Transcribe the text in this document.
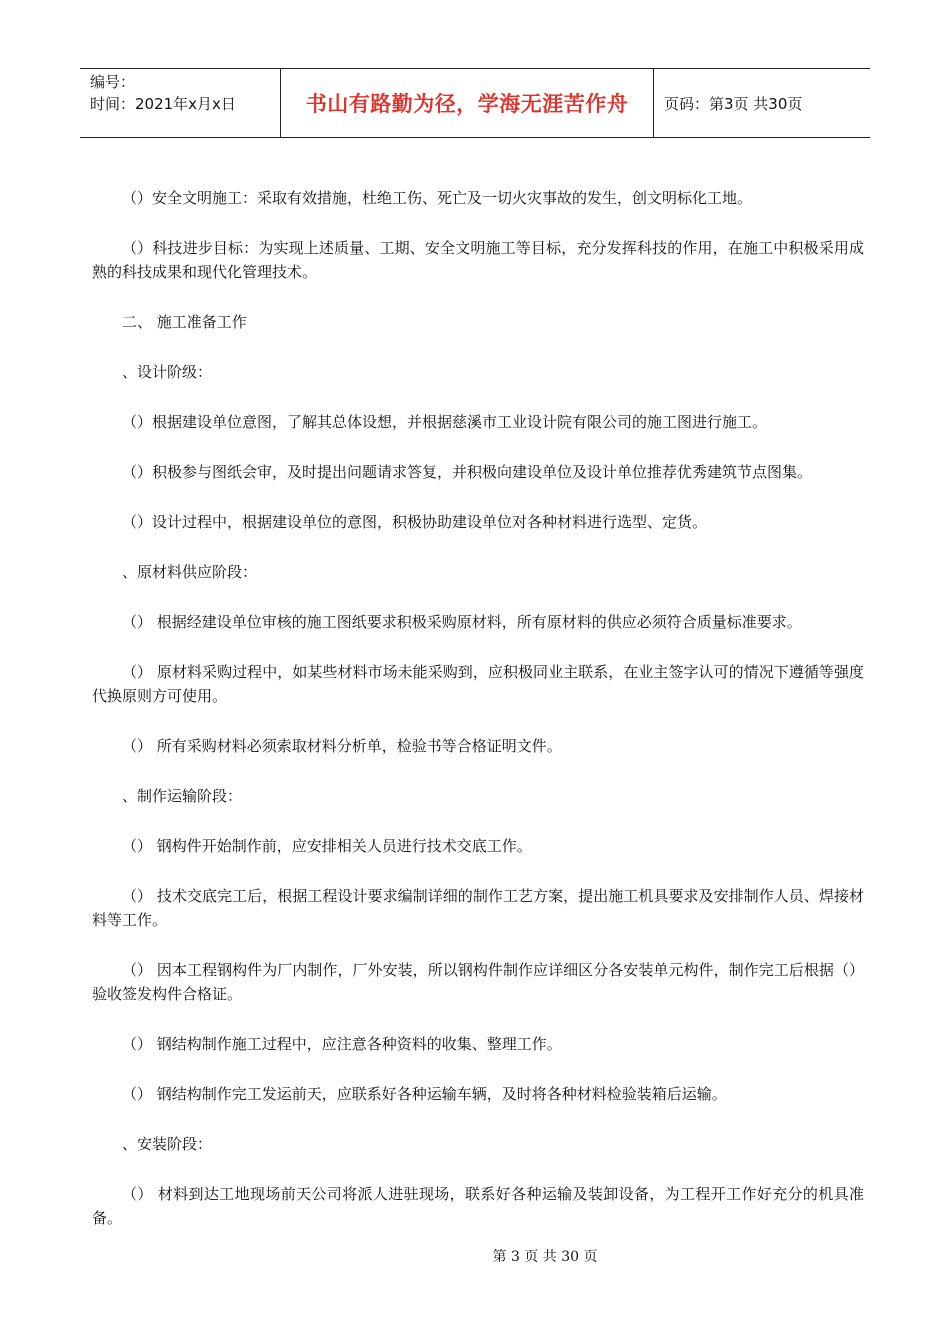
编号：
时间：2021年x月x日	书山有路勤为径，学海无涯苦作舟	页码：第3页 共30页

（）安全文明施工：采取有效措施，杜绝工伤、死亡及一切火灾事故的发生，创文明标化工地。

（）科技进步目标：为实现上述质量、工期、安全文明施工等目标，充分发挥科技的作用，在施工中积极采用成熟的科技成果和现代化管理技术。

二、 施工准备工作

、设计阶级：

（）根据建设单位意图，了解其总体设想，并根据慈溪市工业设计院有限公司的施工图进行施工。

（）积极参与图纸会审，及时提出问题请求答复，并积极向建设单位及设计单位推荐优秀建筑节点图集。

（）设计过程中，根据建设单位的意图，积极协助建设单位对各种材料进行选型、定货。

、原材料供应阶段：

（） 根据经建设单位审核的施工图纸要求积极采购原材料，所有原材料的供应必须符合质量标准要求。

（） 原材料采购过程中，如某些材料市场未能采购到，应积极同业主联系，在业主签字认可的情况下遵循等强度代换原则方可使用。

（） 所有采购材料必须索取材料分析单，检验书等合格证明文件。

、制作运输阶段：

（） 钢构件开始制作前，应安排相关人员进行技术交底工作。

（） 技术交底完工后，根据工程设计要求编制详细的制作工艺方案，提出施工机具要求及安排制作人员、焊接材料等工作。

（） 因本工程钢构件为厂内制作，厂外安装，所以钢构件制作应详细区分各安装单元构件，制作完工后根据（）验收签发构件合格证。

（） 钢结构制作施工过程中，应注意各种资料的收集、整理工作。

（） 钢结构制作完工发运前天，应联系好各种运输车辆，及时将各种材料检验装箱后运输。

、安装阶段：

（） 材料到达工地现场前天公司将派人进驻现场，联系好各种运输及装卸设备，为工程开工作好充分的机具准备。

第 3 页 共 30 页
